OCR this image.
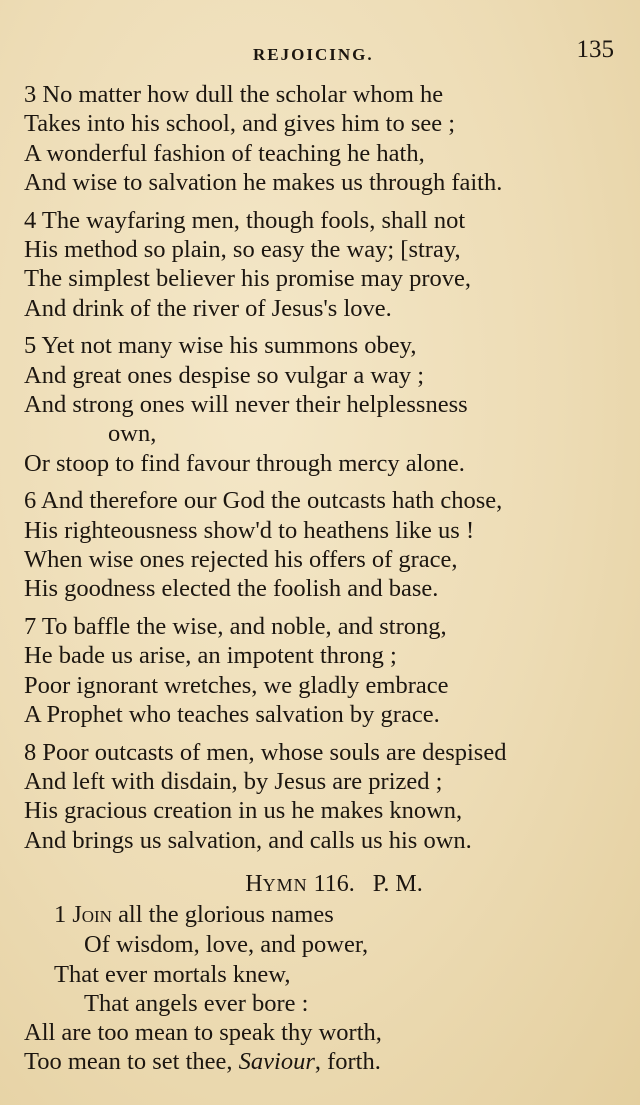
REJOICING.	135
3 No matter how dull the scholar whom he
Takes into his school, and gives him to see ;
A wonderful fashion of teaching he hath,
And wise to salvation he makes us through faith.
4 The wayfaring men, though fools, shall not
His method so plain, so easy the way; [stray,
The simplest believer his promise may prove,
And drink of the river of Jesus's love.
5 Yet not many wise his summons obey,
And great ones despise so vulgar a way ;
And strong ones will never their helplessness
own,
Or stoop to find favour through mercy alone.
6 And therefore our God the outcasts hath chose,
His righteousness show'd to heathens like us !
When wise ones rejected his offers of grace,
His goodness elected the foolish and base.
7 To baffle the wise, and noble, and strong,
He bade us arise, an impotent throng ;
Poor ignorant wretches, we gladly embrace
A Prophet who teaches salvation by grace.
8 Poor outcasts of men, whose souls are despised
And left with disdain, by Jesus are prized ;
His gracious creation in us he makes known,
And brings us salvation, and calls us his own.
HYMN 116. P. M.
1 Join all the glorious names
Of wisdom, love, and power,
That ever mortals knew,
That angels ever bore :
All are too mean to speak thy worth,
Too mean to set thee, Saviour, forth.
